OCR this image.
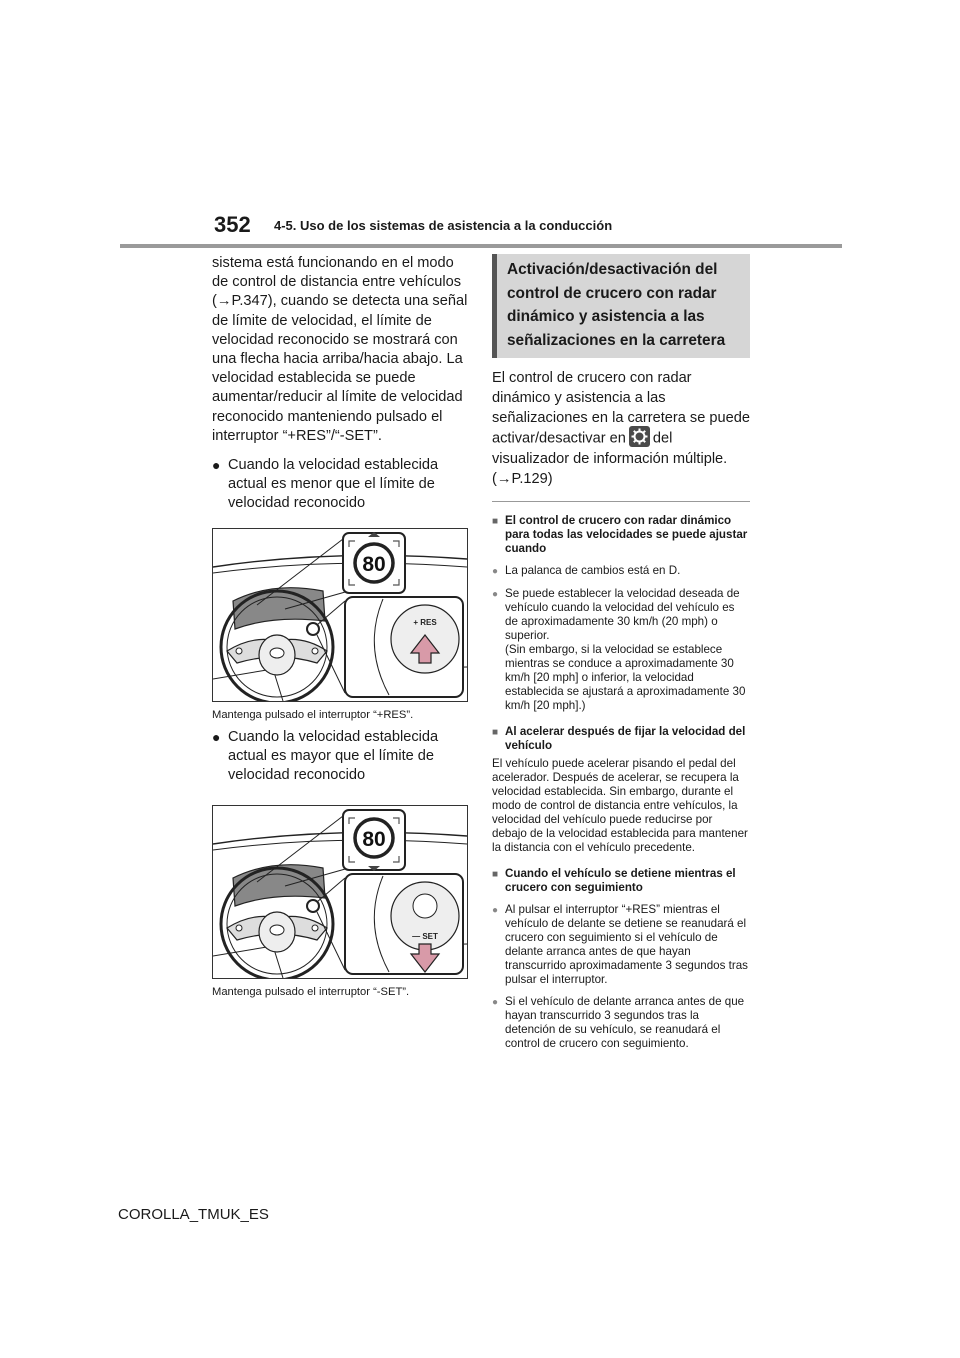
352 4-5. Uso de los sistemas de asistencia a la conducción

sistema está funcionando en el modo de control de distancia entre vehículos (→P.347), cuando se detecta una señal de límite de velocidad, el límite de velocidad reconocido se mostrará con una flecha hacia arriba/hacia abajo. La velocidad establecida se puede aumentar/reducir al límite de velocidad reconocido manteniendo pulsado el interruptor “+RES”/“-SET”.

● Cuando la velocidad establecida actual es menor que el límite de velocidad reconocido
80
+ RES
Mantenga pulsado el interruptor “+RES”.
● Cuando la velocidad establecida actual es mayor que el límite de velocidad reconocido
80
— SET
Mantenga pulsado el interruptor “-SET”.
Activación/desactivación del control de crucero con radar dinámico y asistencia a las señalizaciones en la carretera

El control de crucero con radar dinámico y asistencia a las señalizaciones en la carretera se puede activar/desactivar en del visualizador de información múltiple. (→P.129)

■ El control de crucero con radar dinámico para todas las velocidades se puede ajustar cuando
● La palanca de cambios está en D.
● Se puede establecer la velocidad deseada de vehículo cuando la velocidad del vehículo es de aproximadamente 30 km/h (20 mph) o superior.
(Sin embargo, si la velocidad se establece mientras se conduce a aproximadamente 30 km/h [20 mph] o inferior, la velocidad establecida se ajustará a aproximadamente 30 km/h [20 mph].)
■ Al acelerar después de fijar la velocidad del vehículo
El vehículo puede acelerar pisando el pedal del acelerador. Después de acelerar, se recupera la velocidad establecida. Sin embargo, durante el modo de control de distancia entre vehículos, la velocidad del vehículo puede reducirse por debajo de la velocidad establecida para mantener la distancia con el vehículo precedente.
■ Cuando el vehículo se detiene mientras el crucero con seguimiento
● Al pulsar el interruptor “+RES” mientras el vehículo de delante se detiene se reanudará el crucero con seguimiento si el vehículo de delante arranca antes de que hayan transcurrido aproximadamente 3 segundos tras pulsar el interruptor.
● Si el vehículo de delante arranca antes de que hayan transcurrido 3 segundos tras la detención de su vehículo, se reanudará el control de crucero con seguimiento.
COROLLA_TMUK_ES
